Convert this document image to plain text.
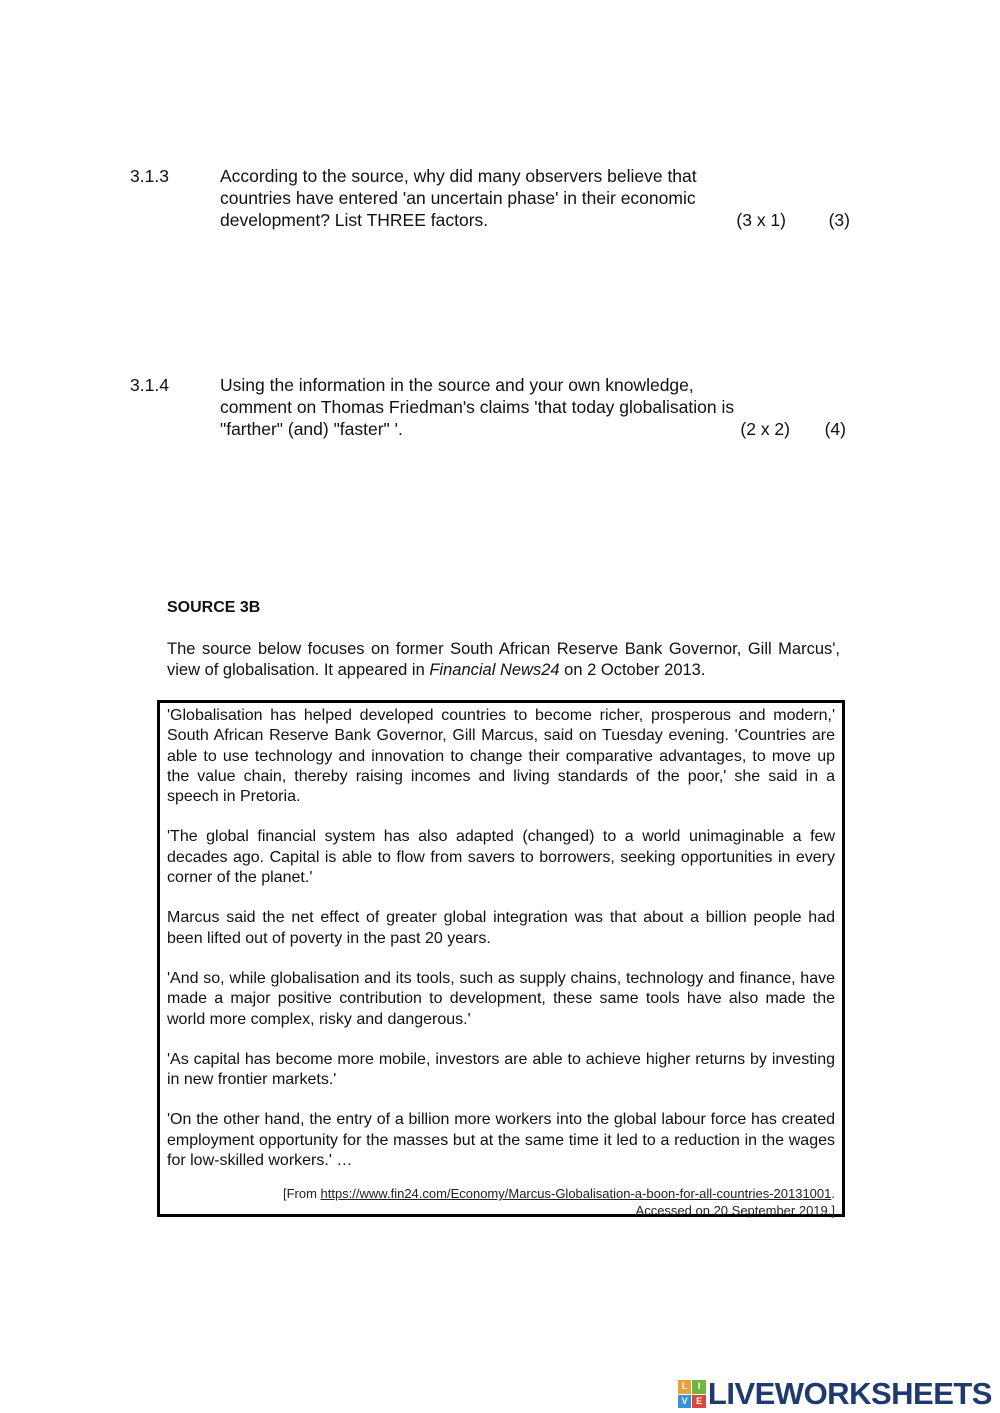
3.1.3	According to the source, why did many observers believe that
countries have entered 'an uncertain phase' in their economic
development? List THREE factors.	(3 x 1) (3)
3.1.4	Using the information in the source and your own knowledge,
comment on Thomas Friedman's claims 'that today globalisation is
"farther" (and) "faster" '.	(2 x 2) (4)
SOURCE 3B
The source below focuses on former South African Reserve Bank Governor, Gill Marcus', view of globalisation. It appeared in Financial News24 on 2 October 2013.

'Globalisation has helped developed countries to become richer, prosperous and modern,' South African Reserve Bank Governor, Gill Marcus, said on Tuesday evening. 'Countries are able to use technology and innovation to change their comparative advantages, to move up the value chain, thereby raising incomes and living standards of the poor,' she said in a speech in Pretoria.

'The global financial system has also adapted (changed) to a world unimaginable a few decades ago. Capital is able to flow from savers to borrowers, seeking opportunities in every corner of the planet.'

Marcus said the net effect of greater global integration was that about a billion people had been lifted out of poverty in the past 20 years.

'And so, while globalisation and its tools, such as supply chains, technology and finance, have made a major positive contribution to development, these same tools have also made the world more complex, risky and dangerous.'

'As capital has become more mobile, investors are able to achieve higher returns by investing in new frontier markets.'

'On the other hand, the entry of a billion more workers into the global labour force has created employment opportunity for the masses but at the same time it led to a reduction in the wages for low-skilled workers.' …

[From https://www.fin24.com/Economy/Marcus-Globalisation-a-boon-for-all-countries-20131001.
Accessed on 20 September 2019.]
L	I
V E LIVEWORKSHEETS
